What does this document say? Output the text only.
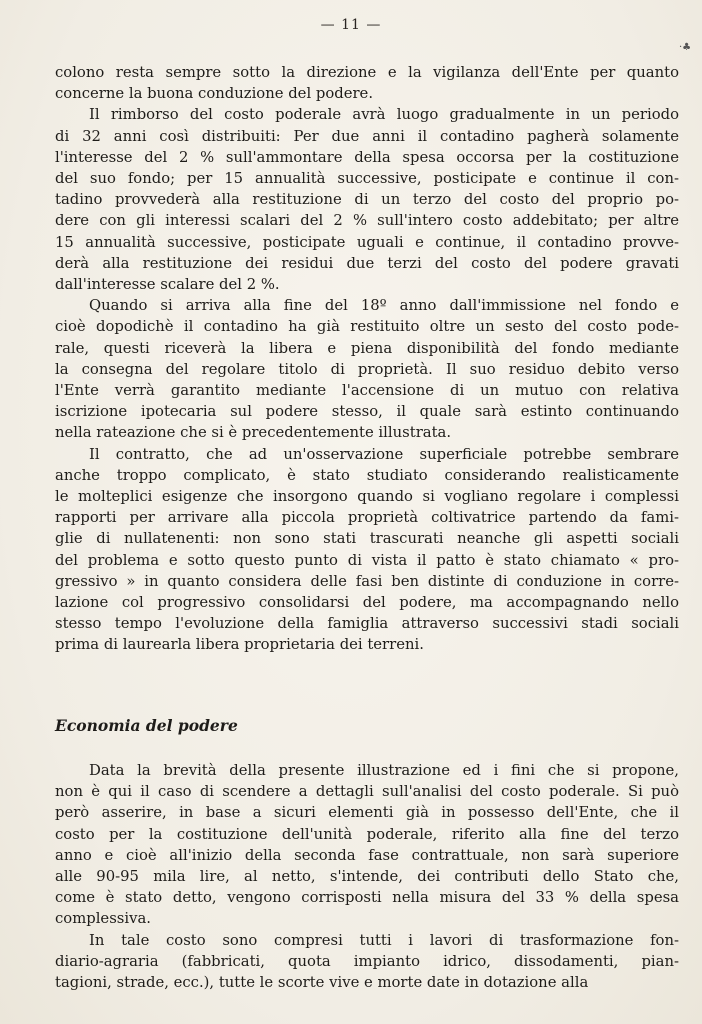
— 11 —
·♣
colono resta sempre sotto la direzione e la vigilanza dell'Ente per quanto
concerne la buona conduzione del podere.
Il rimborso del costo poderale avrà luogo gradualmente in un periodo
di 32 anni così distribuiti: Per due anni il contadino pagherà solamente
l'interesse del 2 % sull'ammontare della spesa occorsa per la costituzione
del suo fondo; per 15 annualità successive, posticipate e continue il con-
tadino provvederà alla restituzione di un terzo del costo del proprio po-
dere con gli interessi scalari del 2 % sull'intero costo addebitato; per altre
15 annualità successive, posticipate uguali e continue, il contadino provve-
derà alla restituzione dei residui due terzi del costo del podere gravati
dall'interesse scalare del 2 %.
Quando si arriva alla fine del 18º anno dall'immissione nel fondo e
cioè dopodichè il contadino ha già restituito oltre un sesto del costo pode-
rale, questi riceverà la libera e piena disponibilità del fondo mediante
la consegna del regolare titolo di proprietà. Il suo residuo debito verso
l'Ente verrà garantito mediante l'accensione di un mutuo con relativa
iscrizione ipotecaria sul podere stesso, il quale sarà estinto continuando
nella rateazione che si è precedentemente illustrata.
Il contratto, che ad un'osservazione superficiale potrebbe sembrare
anche troppo complicato, è stato studiato considerando realisticamente
le molteplici esigenze che insorgono quando si vogliano regolare i complessi
rapporti per arrivare alla piccola proprietà coltivatrice partendo da fami-
glie di nullatenenti: non sono stati trascurati neanche gli aspetti sociali
del problema e sotto questo punto di vista il patto è stato chiamato « pro-
gressivo » in quanto considera delle fasi ben distinte di conduzione in corre-
lazione col progressivo consolidarsi del podere, ma accompagnando nello
stesso tempo l'evoluzione della famiglia attraverso successivi stadi sociali
prima di laurearla libera proprietaria dei terreni.
Economia del podere
Data la brevità della presente illustrazione ed i fini che si propone,
non è qui il caso di scendere a dettagli sull'analisi del costo poderale. Si può
però asserire, in base a sicuri elementi già in possesso dell'Ente, che il
costo per la costituzione dell'unità poderale, riferito alla fine del terzo
anno e cioè all'inizio della seconda fase contrattuale, non sarà superiore
alle 90-95 mila lire, al netto, s'intende, dei contributi dello Stato che,
come è stato detto, vengono corrisposti nella misura del 33 % della spesa
complessiva.
In tale costo sono compresi tutti i lavori di trasformazione fon-
diario-agraria (fabbricati, quota impianto idrico, dissodamenti, pian-
tagioni, strade, ecc.), tutte le scorte vive e morte date in dotazione alla
